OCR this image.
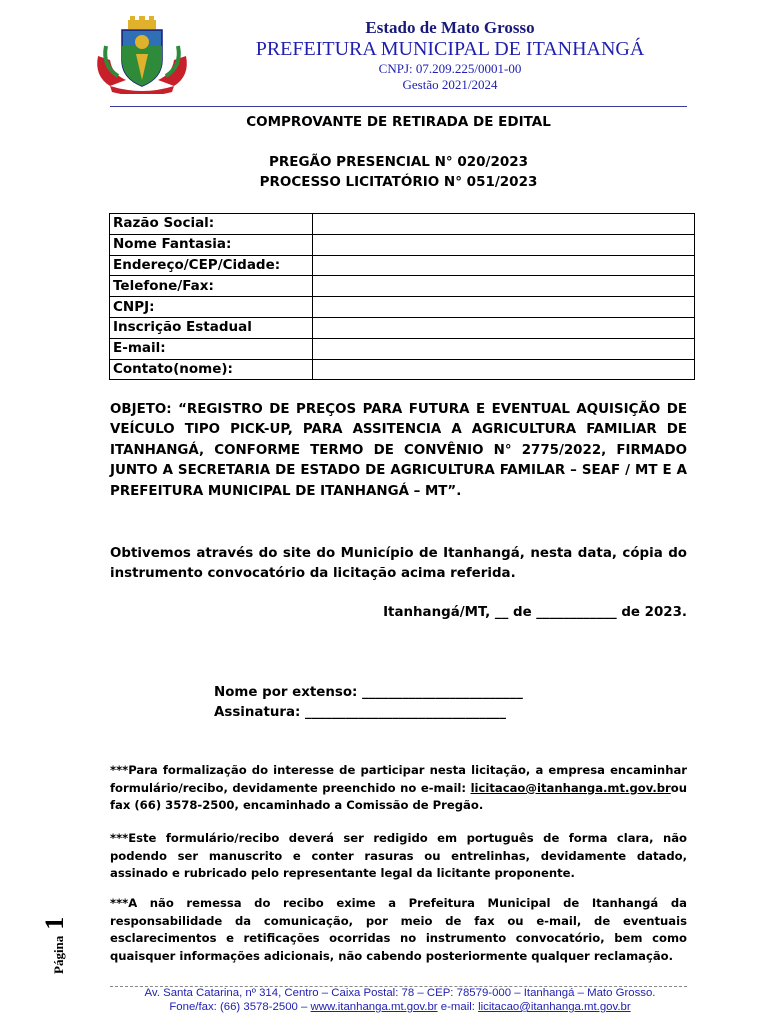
Estado de Mato Grosso
PREFEITURA MUNICIPAL DE ITANHANGÁ
CNPJ: 07.209.225/0001-00
Gestão 2021/2024
COMPROVANTE DE RETIRADA DE EDITAL
PREGÃO PRESENCIAL N° 020/2023
PROCESSO LICITATÓRIO N° 051/2023
Razão Social:	
Nome Fantasia:	
Endereço/CEP/Cidade:	
Telefone/Fax:	
CNPJ:	
Inscrição Estadual	
E-mail:	
Contato(nome):	
OBJETO: “REGISTRO DE PREÇOS PARA FUTURA E EVENTUAL AQUISIÇÃO DE VEÍCULO TIPO PICK-UP, PARA ASSITENCIA A AGRICULTURA FAMILIAR DE ITANHANGÁ, CONFORME TERMO DE CONVÊNIO N° 2775/2022, FIRMADO JUNTO A SECRETARIA DE ESTADO DE AGRICULTURA FAMILAR – SEAF / MT E A PREFEITURA MUNICIPAL DE ITANHANGÁ – MT”.
Obtivemos através do site do Município de Itanhangá, nesta data, cópia do instrumento convocatório da licitação acima referida.
Itanhangá/MT, __ de ____________ de 2023.
Nome por extenso: ________________________
Assinatura: ______________________________
***Para formalização do interesse de participar nesta licitação, a empresa encaminhar formulário/recibo, devidamente preenchido no e-mail: licitacao@itanhanga.mt.gov.brou fax (66) 3578-2500, encaminhado a Comissão de Pregão.
***Este formulário/recibo deverá ser redigido em português de forma clara, não podendo ser manuscrito e conter rasuras ou entrelinhas, devidamente datado, assinado e rubricado pelo representante legal da licitante proponente.
***A não remessa do recibo exime a Prefeitura Municipal de Itanhangá da responsabilidade da comunicação, por meio de fax ou e-mail, de eventuais esclarecimentos e retificações ocorridas no instrumento convocatório, bem como quaisquer informações adicionais, não cabendo posteriormente qualquer reclamação.
Página1
Av. Santa Catarina, nº 314, Centro – Caixa Postal: 78 – CEP: 78579-000 – Itanhangá – Mato Grosso.
Fone/fax: (66) 3578-2500 – www.itanhanga.mt.gov.br e-mail: licitacao@itanhanga.mt.gov.br
